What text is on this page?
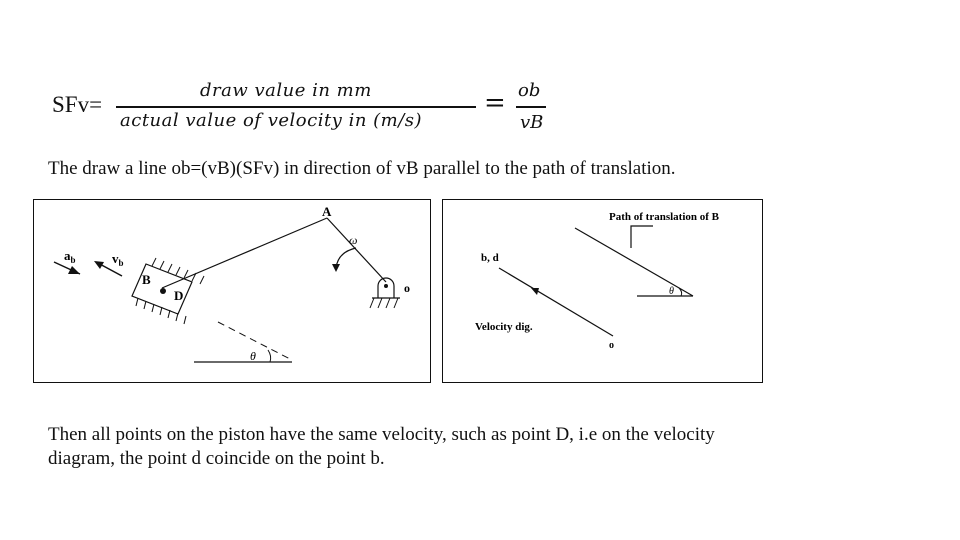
SFv=
draw value in mm
actual value of velocity in (m/s)
= ob
vB
The draw a line ob=(vB)(SFv) in direction of vB parallel to the path of translation.
A
ω
o
B
D
$a_b$	$v_b$
θ
Path of translation of B
b, d
Velocity dig.
o
θ
Then all points on the piston have the same velocity, such as point D, i.e on the velocity diagram, the point d coincide on the point b.
